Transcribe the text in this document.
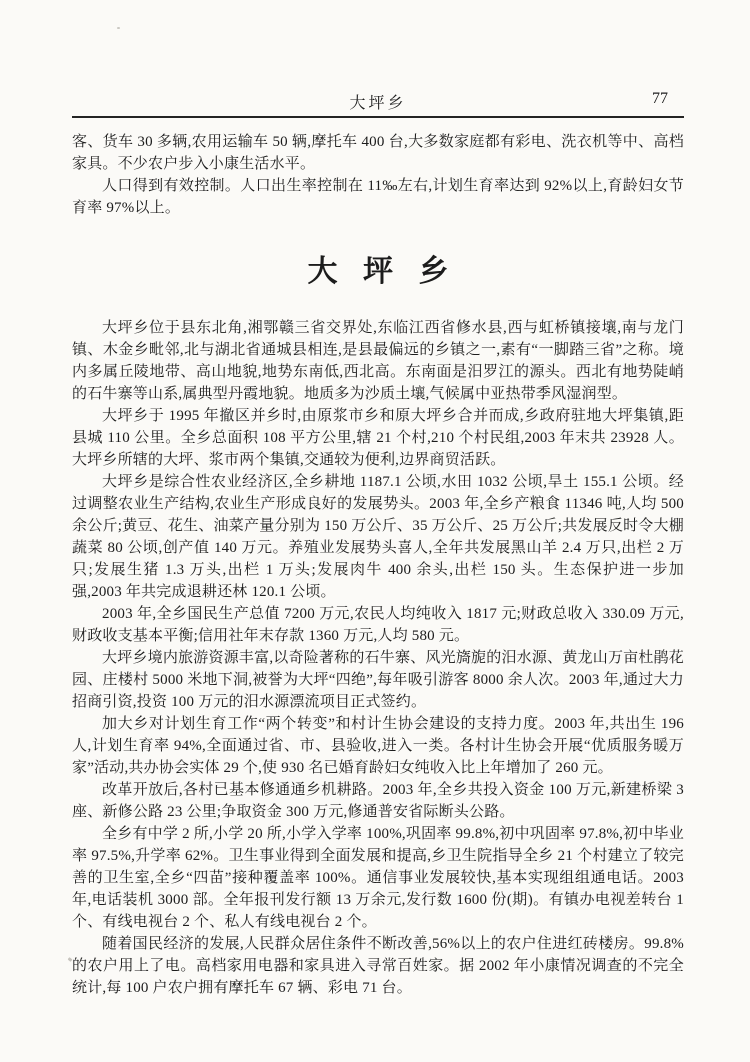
大坪乡	77

客、货车 30 多辆,农用运输车 50 辆,摩托车 400 台,大多数家庭都有彩电、洗衣机等中、高档家具。不少农户步入小康生活水平。

人口得到有效控制。人口出生率控制在 11‰左右,计划生育率达到 92%以上,育龄妇女节育率 97%以上。

大坪乡

大坪乡位于县东北角,湘鄂赣三省交界处,东临江西省修水县,西与虹桥镇接壤,南与龙门镇、木金乡毗邻,北与湖北省通城县相连,是县最偏远的乡镇之一,素有“一脚踏三省”之称。境内多属丘陵地带、高山地貌,地势东南低,西北高。东南面是汨罗江的源头。西北有地势陡峭的石牛寨等山系,属典型丹霞地貌。地质多为沙质土壤,气候属中亚热带季风湿润型。

大坪乡于 1995 年撤区并乡时,由原浆市乡和原大坪乡合并而成,乡政府驻地大坪集镇,距县城 110 公里。全乡总面积 108 平方公里,辖 21 个村,210 个村民组,2003 年末共 23928 人。大坪乡所辖的大坪、浆市两个集镇,交通较为便利,边界商贸活跃。

大坪乡是综合性农业经济区,全乡耕地 1187.1 公顷,水田 1032 公顷,旱土 155.1 公顷。经过调整农业生产结构,农业生产形成良好的发展势头。2003 年,全乡产粮食 11346 吨,人均 500 余公斤;黄豆、花生、油菜产量分别为 150 万公斤、35 万公斤、25 万公斤;共发展反时令大棚蔬菜 80 公顷,创产值 140 万元。养殖业发展势头喜人,全年共发展黑山羊 2.4 万只,出栏 2 万只;发展生猪 1.3 万头,出栏 1 万头;发展肉牛 400 余头,出栏 150 头。生态保护进一步加强,2003 年共完成退耕还林 120.1 公顷。

2003 年,全乡国民生产总值 7200 万元,农民人均纯收入 1817 元;财政总收入 330.09 万元,财政收支基本平衡;信用社年末存款 1360 万元,人均 580 元。

大坪乡境内旅游资源丰富,以奇险著称的石牛寨、风光旖旎的汨水源、黄龙山万亩杜鹃花园、庄楼村 5000 米地下洞,被誉为大坪“四绝”,每年吸引游客 8000 余人次。2003 年,通过大力招商引资,投资 100 万元的汨水源漂流项目正式签约。

加大乡对计划生育工作“两个转变”和村计生协会建设的支持力度。2003 年,共出生 196 人,计划生育率 94%,全面通过省、市、县验收,进入一类。各村计生协会开展“优质服务暖万家”活动,共办协会实体 29 个,使 930 名已婚育龄妇女纯收入比上年增加了 260 元。

改革开放后,各村已基本修通通乡机耕路。2003 年,全乡共投入资金 100 万元,新建桥梁 3 座、新修公路 23 公里;争取资金 300 万元,修通普安省际断头公路。

全乡有中学 2 所,小学 20 所,小学入学率 100%,巩固率 99.8%,初中巩固率 97.8%,初中毕业率 97.5%,升学率 62%。卫生事业得到全面发展和提高,乡卫生院指导全乡 21 个村建立了较完善的卫生室,全乡“四苗”接种覆盖率 100%。通信事业发展较快,基本实现组组通电话。2003 年,电话装机 3000 部。全年报刊发行额 13 万余元,发行数 1600 份(期)。有镇办电视差转台 1 个、有线电视台 2 个、私人有线电视台 2 个。

随着国民经济的发展,人民群众居住条件不断改善,56%以上的农户住进红砖楼房。99.8%的农户用上了电。高档家用电器和家具进入寻常百姓家。据 2002 年小康情况调查的不完全统计,每 100 户农户拥有摩托车 67 辆、彩电 71 台。
